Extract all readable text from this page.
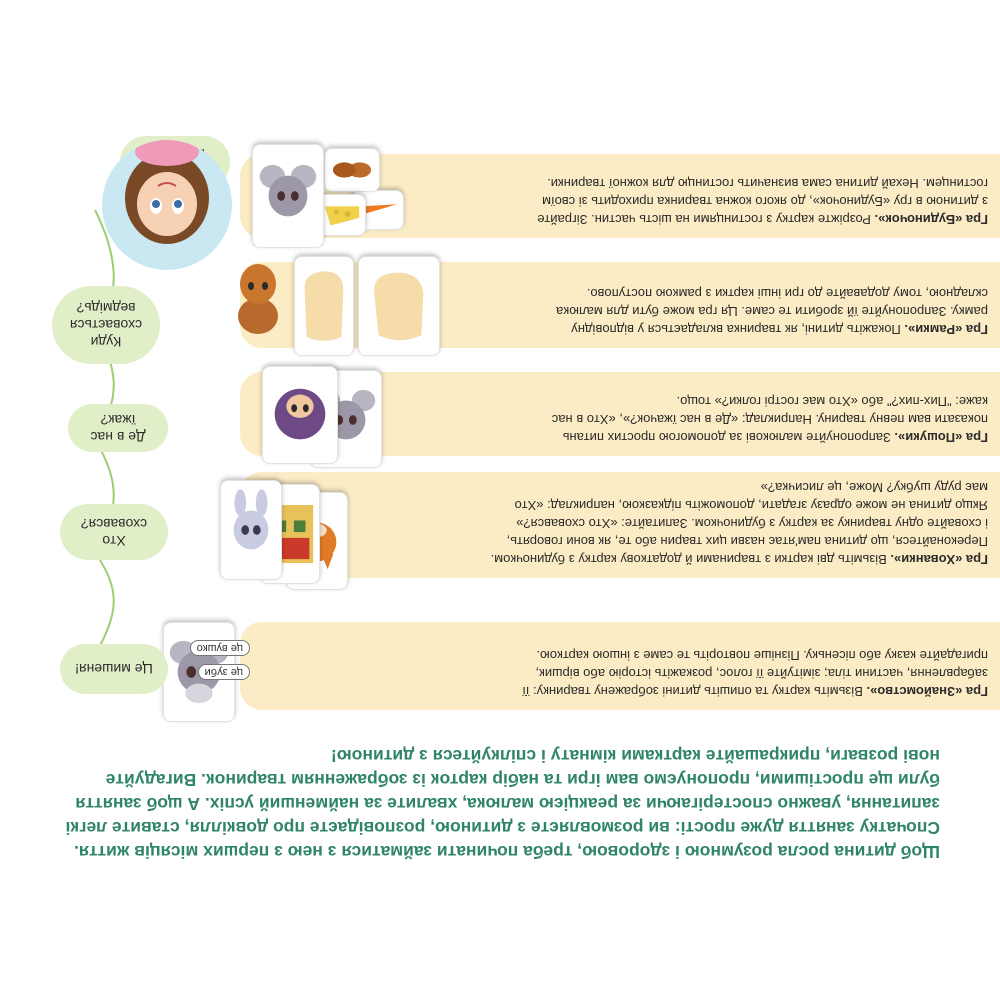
Щоб дитина росла розумною і здоровою, треба починати займатися з нею з перших місяців життя.
Спочатку заняття дуже прості: ви розмовляєте з дитиною, розповідаєте про довкілля, ставите легкі
запитання, уважно спостерігаючи за реакцією малюка, хвалите за найменший успіх. А щоб заняття
були ще простішими, пропонуємо вам ігри та набір карток із зображенням тваринок. Вигадуйте
нові розваги, прикрашайте картками кімнату і спілкуйтеся з дитиною!
Гра «Знайомство». Візьміть картку та опишіть дитині зображену тваринку: її
забарвлення, частини тіла; зімітуйте її голос, розкажіть історію або віршик,
пригадайте казку або пісеньку. Пізніше повторіть те саме з іншою карткою.
це вушко
це зуби
Це мишеня!
Гра «Хованки». Візьміть дві картки з тваринами й додаткову картку з будиночком.
Переконайтеся, що дитина пам'ятає назви цих тварин або те, як вони говорять,
і сховайте одну тваринку за картку з будиночком. Запитайте: «Хто сховався?»
Якщо дитина не може одразу згадати, допоможіть підказкою, наприклад: «Хто
має руду шубку? Може, це лисичка?»
Хто сховався?
Гра «Пошуки». Запропонуйте малюкові за допомогою простих питань
показати вам певну тварину. Наприклад: «Де в нас їжачок?», «Хто в нас
каже: "Пих-пих?" або «Хто має гострі голки?» тощо.
Де в нас їжак?
Гра «Рамки». Покажіть дитині, як тваринка вкладається у відповідну
рамку. Запропонуйте їй зробити те саме. Ця гра може бути для малюка
складною, тому додавайте до гри інші картки з рамкою поступово.
Куди сховається ведмідь?
Гра «Будиночок». Розріжте картку з гостинцями на шість частин. Зіграйте
з дитиною в гру «Будиночок», до якого кожна тваринка приходить зі своїм
гостинцем. Нехай дитина сама визначить гостинцю для кожної тваринки.
